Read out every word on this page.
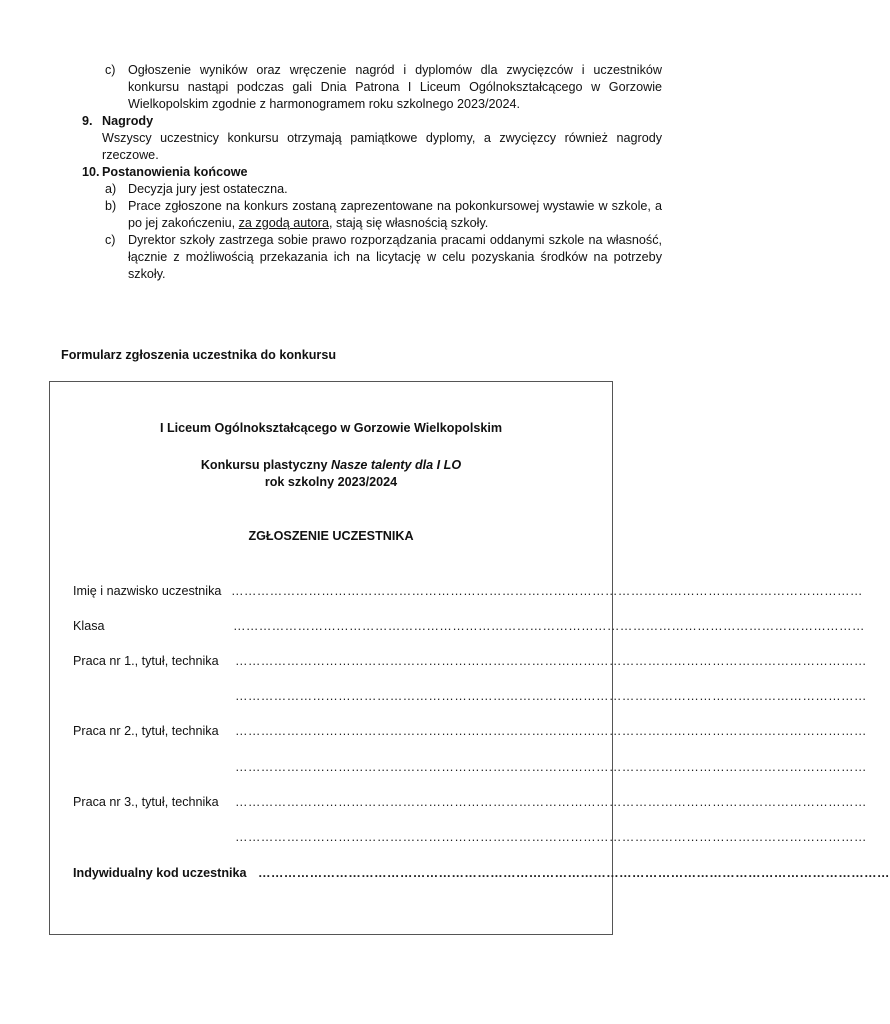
c) Ogłoszenie wyników oraz wręczenie nagród i dyplomów dla zwycięzców i uczestników konkursu nastąpi podczas gali Dnia Patrona I Liceum Ogólnokształcącego w Gorzowie Wielkopolskim zgodnie z harmonogramem roku szkolnego 2023/2024.
9. Nagrody
Wszyscy uczestnicy konkursu otrzymają pamiątkowe dyplomy, a zwycięzcy również nagrody rzeczowe.
10. Postanowienia końcowe
a) Decyzja jury jest ostateczna.
b) Prace zgłoszone na konkurs zostaną zaprezentowane na pokonkursowej wystawie w szkole, a po jej zakończeniu, za zgodą autora, stają się własnością szkoły.
c) Dyrektor szkoły zastrzega sobie prawo rozporządzania pracami oddanymi szkole na własność, łącznie z możliwością przekazania ich na licytację w celu pozyskania środków na potrzeby szkoły.
Formularz zgłoszenia uczestnika do konkursu
I Liceum Ogólnokształcącego w Gorzowie Wielkopolskim
Konkursu plastyczny Nasze talenty dla I LO
rok szkolny 2023/2024
ZGŁOSZENIE UCZESTNIKA
Imię i nazwisko uczestnika …………………………………………………………………………………………………………………………………
Klasa	…………………………………………………………………………………………………………………………………
Praca nr 1., tytuł, technika …………………………………………………………………………………………………………………………………
…………………………………………………………………………………………………………………………………
Praca nr 2., tytuł, technika …………………………………………………………………………………………………………………………………
…………………………………………………………………………………………………………………………………
Praca nr 3., tytuł, technika …………………………………………………………………………………………………………………………………
…………………………………………………………………………………………………………………………………
Indywidualny kod uczestnika …………………………………………………………………………………………………………………………………
